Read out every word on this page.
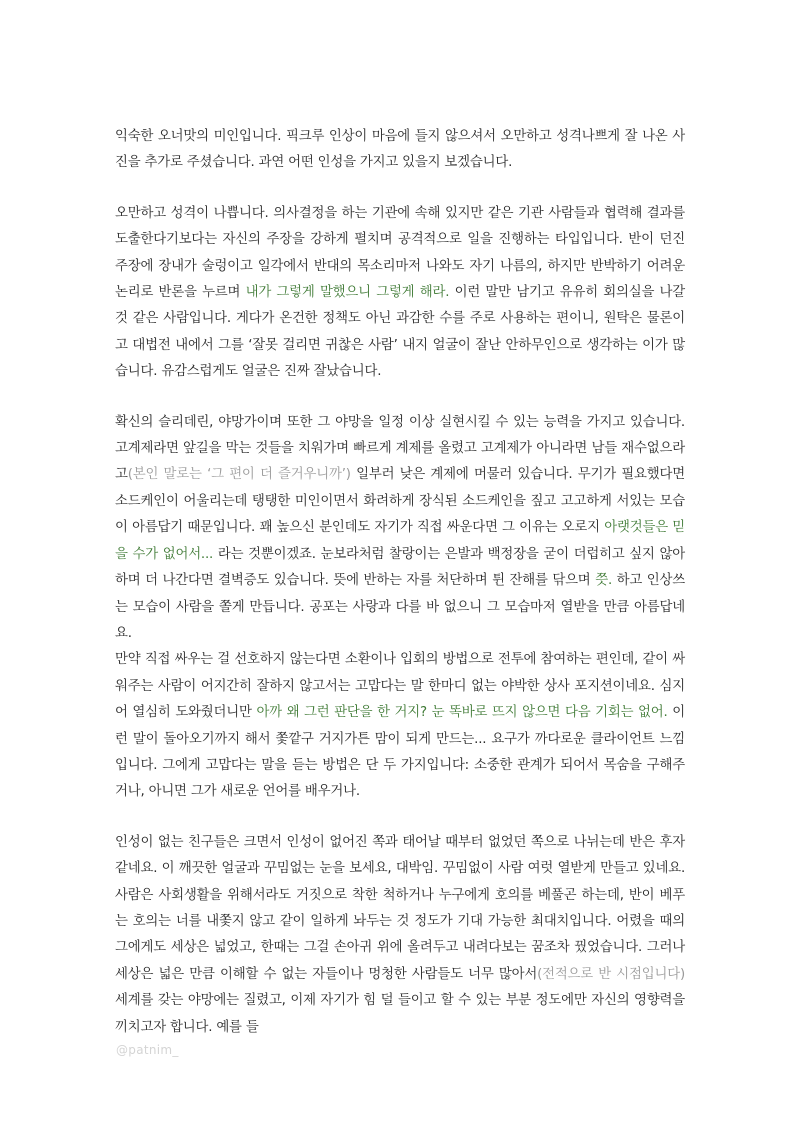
익숙한 오너맛의 미인입니다. 픽크루 인상이 마음에 들지 않으셔서 오만하고 성격나쁘게 잘 나온 사진을 추가로 주셨습니다. 과연 어떤 인성을 가지고 있을지 보겠습니다.

오만하고 성격이 나쁩니다. 의사결정을 하는 기관에 속해 있지만 같은 기관 사람들과 협력해 결과를 도출한다기보다는 자신의 주장을 강하게 펼치며 공격적으로 일을 진행하는 타입입니다. 반이 던진 주장에 장내가 술렁이고 일각에서 반대의 목소리마저 나와도 자기 나름의, 하지만 반박하기 어려운 논리로 반론을 누르며 내가 그렇게 말했으니 그렇게 해라. 이런 말만 남기고 유유히 회의실을 나갈 것 같은 사람입니다. 게다가 온건한 정책도 아닌 과감한 수를 주로 사용하는 편이니, 원탁은 물론이고 대법전 내에서 그를 ‘잘못 걸리면 귀찮은 사람’ 내지 얼굴이 잘난 안하무인으로 생각하는 이가 많습니다. 유감스럽게도 얼굴은 진짜 잘났습니다.

확신의 슬리데린, 야망가이며 또한 그 야망을 일정 이상 실현시킬 수 있는 능력을 가지고 있습니다. 고계제라면 앞길을 막는 것들을 치워가며 빠르게 계제를 올렸고 고계제가 아니라면 남들 재수없으라고(본인 말로는 ‘그 편이 더 즐거우니까’) 일부러 낮은 계제에 머물러 있습니다. 무기가 필요했다면 소드케인이 어울리는데 탱탱한 미인이면서 화려하게 장식된 소드케인을 짚고 고고하게 서있는 모습이 아름답기 때문입니다. 꽤 높으신 분인데도 자기가 직접 싸운다면 그 이유는 오로지 아랫것들은 믿을 수가 없어서... 라는 것뿐이겠죠. 눈보라처럼 찰랑이는 은발과 백정장을 굳이 더럽히고 싶지 않아하며 더 나간다면 결벽증도 있습니다. 뜻에 반하는 자를 처단하며 튄 잔해를 닦으며 쯧. 하고 인상쓰는 모습이 사람을 쫄게 만듭니다. 공포는 사랑과 다를 바 없으니 그 모습마저 열받을 만큼 아름답네요.

만약 직접 싸우는 걸 선호하지 않는다면 소환이나 입회의 방법으로 전투에 참여하는 편인데, 같이 싸워주는 사람이 어지간히 잘하지 않고서는 고맙다는 말 한마디 없는 야박한 상사 포지션이네요. 심지어 열심히 도와줬더니만 아까 왜 그런 판단을 한 거지? 눈 똑바로 뜨지 않으면 다음 기회는 없어. 이런 말이 돌아오기까지 해서 쫓깥구 거지가튼 맘이 되게 만드는... 요구가 까다로운 클라이언트 느낌입니다. 그에게 고맙다는 말을 듣는 방법은 단 두 가지입니다: 소중한 관계가 되어서 목숨을 구해주거나, 아니면 그가 새로운 언어를 배우거나.

인성이 없는 친구들은 크면서 인성이 없어진 쪽과 태어날 때부터 없었던 쪽으로 나뉘는데 반은 후자 같네요. 이 깨끗한 얼굴과 꾸밈없는 눈을 보세요, 대박임. 꾸밈없이 사람 여럿 열받게 만들고 있네요. 사람은 사회생활을 위해서라도 거짓으로 착한 척하거나 누구에게 호의를 베풀곤 하는데, 반이 베푸는 호의는 너를 내쫓지 않고 같이 일하게 놔두는 것 정도가 기대 가능한 최대치입니다. 어렸을 때의 그에게도 세상은 넓었고, 한때는 그걸 손아귀 위에 올려두고 내려다보는 꿈조차 꿨었습니다. 그러나 세상은 넓은 만큼 이해할 수 없는 자들이나 멍청한 사람들도 너무 많아서(전적으로 반 시점입니다) 세계를 갖는 야망에는 질렸고, 이제 자기가 힘 덜 들이고 할 수 있는 부분 정도에만 자신의 영향력을 끼치고자 합니다. 예를 들

@patnim_
